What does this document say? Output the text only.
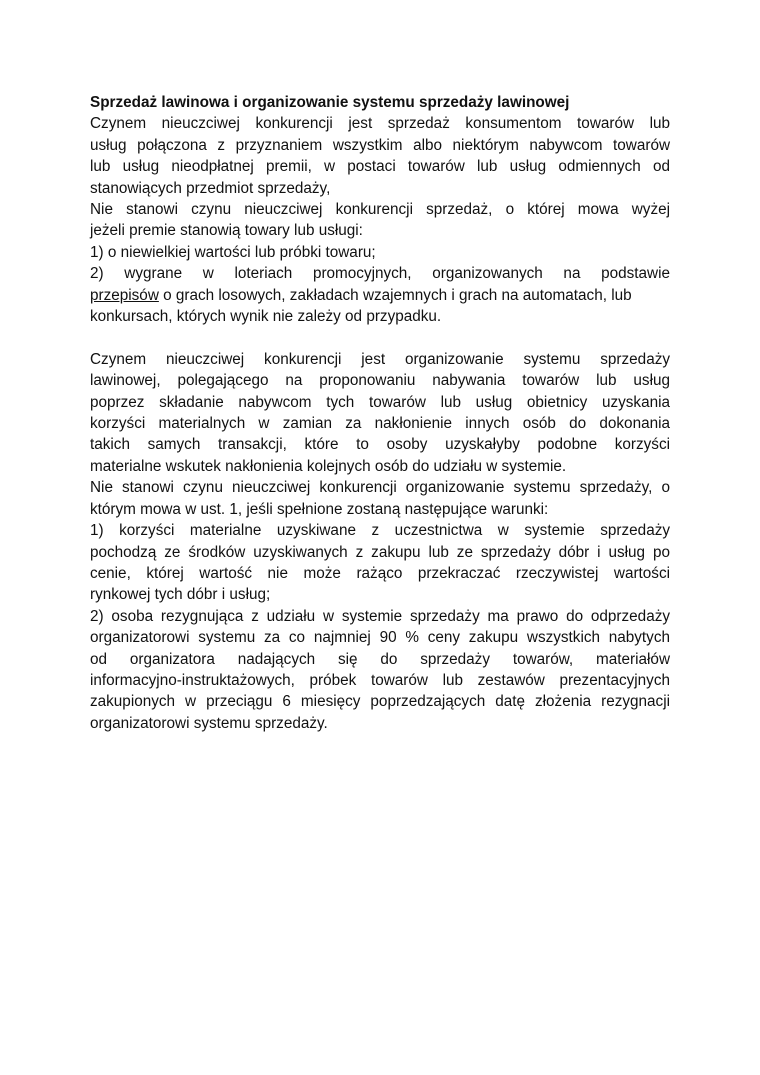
Sprzedaż lawinowa i organizowanie systemu sprzedaży lawinowej
Czynem nieuczciwej konkurencji jest sprzedaż konsumentom towarów lub
usług połączona z przyznaniem wszystkim albo niektórym nabywcom towarów
lub usług nieodpłatnej premii, w postaci towarów lub usług odmiennych od
stanowiących przedmiot sprzedaży,
Nie stanowi czynu nieuczciwej konkurencji sprzedaż, o której mowa wyżej
jeżeli premie stanowią towary lub usługi:
1) o niewielkiej wartości lub próbki towaru;
2) wygrane w loteriach promocyjnych, organizowanych na podstawie
przepisów o grach losowych, zakładach wzajemnych i grach na automatach, lub
konkursach, których wynik nie zależy od przypadku.
Czynem nieuczciwej konkurencji jest organizowanie systemu sprzedaży
lawinowej, polegającego na proponowaniu nabywania towarów lub usług
poprzez składanie nabywcom tych towarów lub usług obietnicy uzyskania
korzyści materialnych w zamian za nakłonienie innych osób do dokonania
takich samych transakcji, które to osoby uzyskałyby podobne korzyści
materialne wskutek nakłonienia kolejnych osób do udziału w systemie.
Nie stanowi czynu nieuczciwej konkurencji organizowanie systemu sprzedaży, o
którym mowa w ust. 1, jeśli spełnione zostaną następujące warunki:
1) korzyści materialne uzyskiwane z uczestnictwa w systemie sprzedaży
pochodzą ze środków uzyskiwanych z zakupu lub ze sprzedaży dóbr i usług po
cenie, której wartość nie może rażąco przekraczać rzeczywistej wartości
rynkowej tych dóbr i usług;
2) osoba rezygnująca z udziału w systemie sprzedaży ma prawo do odprzedaży
organizatorowi systemu za co najmniej 90 % ceny zakupu wszystkich nabytych
od organizatora nadających się do sprzedaży towarów, materiałów
informacyjno-instruktażowych, próbek towarów lub zestawów prezentacyjnych
zakupionych w przeciągu 6 miesięcy poprzedzających datę złożenia rezygnacji
organizatorowi systemu sprzedaży.
